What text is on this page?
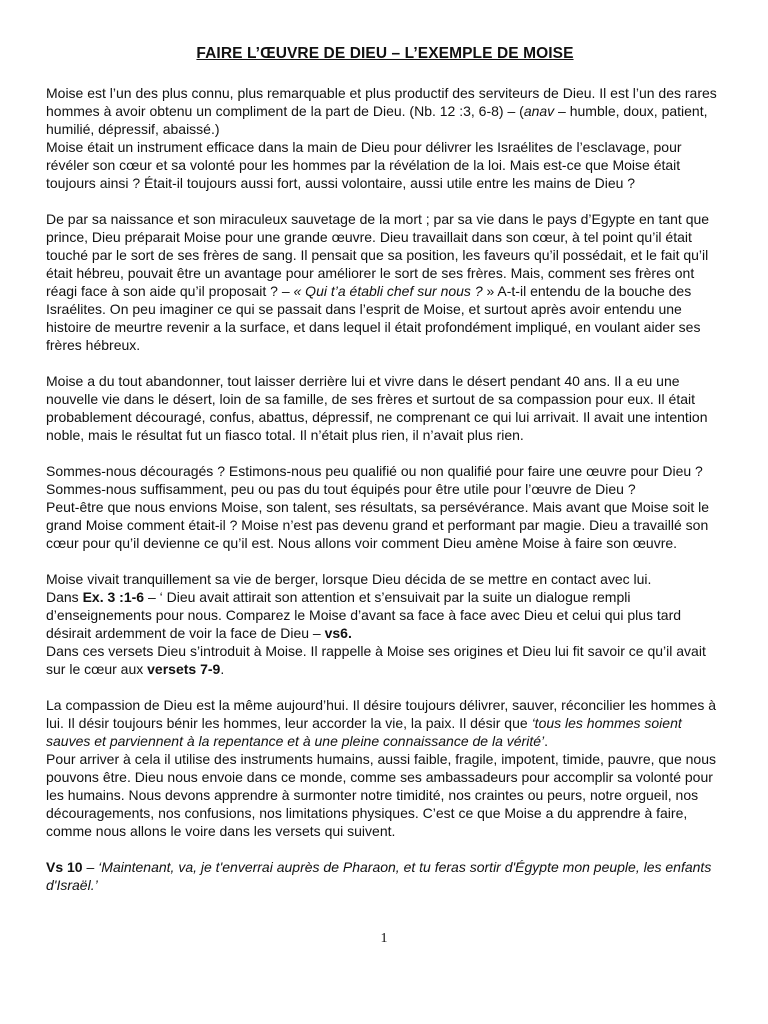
FAIRE L’ŒUVRE DE DIEU – L’EXEMPLE DE MOISE

Moise est l’un des plus connu, plus remarquable et plus productif des serviteurs de Dieu. Il est l’un des rares hommes à avoir obtenu un compliment de la part de Dieu. (Nb. 12 :3, 6-8) – (anav – humble, doux, patient, humilié, dépressif, abaissé.)

Moise était un instrument efficace dans la main de Dieu pour délivrer les Israélites de l’esclavage, pour révéler son cœur et sa volonté pour les hommes par la révélation de la loi. Mais est-ce que Moise était toujours ainsi ? Était-il toujours aussi fort, aussi volontaire, aussi utile entre les mains de Dieu ?

De par sa naissance et son miraculeux sauvetage de la mort ; par sa vie dans le pays d’Egypte en tant que prince, Dieu préparait Moise pour une grande œuvre. Dieu travaillait dans son cœur, à tel point qu’il était touché par le sort de ses frères de sang. Il pensait que sa position, les faveurs qu’il possédait, et le fait qu’il était hébreu, pouvait être un avantage pour améliorer le sort de ses frères. Mais, comment ses frères ont réagi face à son aide qu’il proposait ? – « Qui t’a établi chef sur nous ? » A-t-il entendu de la bouche des Israélites. On peu imaginer ce qui se passait dans l’esprit de Moise, et surtout après avoir entendu une histoire de meurtre revenir a la surface, et dans lequel il était profondément impliqué, en voulant aider ses frères hébreux.

Moise a du tout abandonner, tout laisser derrière lui et vivre dans le désert pendant 40 ans. Il a eu une nouvelle vie dans le désert, loin de sa famille, de ses frères et surtout de sa compassion pour eux. Il était probablement découragé, confus, abattus, dépressif, ne comprenant ce qui lui arrivait. Il avait une intention noble, mais le résultat fut un fiasco total. Il n’était plus rien, il n’avait plus rien.

Sommes-nous découragés ? Estimons-nous peu qualifié ou non qualifié pour faire une œuvre pour Dieu ? Sommes-nous suffisamment, peu ou pas du tout équipés pour être utile pour l’œuvre de Dieu ?

Peut-être que nous envions Moise, son talent, ses résultats, sa persévérance. Mais avant que Moise soit le grand Moise comment était-il ? Moise n’est pas devenu grand et performant par magie. Dieu a travaillé son cœur pour qu’il devienne ce qu’il est. Nous allons voir comment Dieu amène Moise à faire son œuvre.

Moise vivait tranquillement sa vie de berger, lorsque Dieu décida de se mettre en contact avec lui.

Dans Ex. 3 :1-6 – ‘ Dieu avait attirait son attention et s’ensuivait par la suite un dialogue rempli d’enseignements pour nous. Comparez le Moise d’avant sa face à face avec Dieu et celui qui plus tard désirait ardemment de voir la face de Dieu – vs6.

Dans ces versets Dieu s’introduit à Moise. Il rappelle à Moise ses origines et Dieu lui fit savoir ce qu’il avait sur le cœur aux versets 7-9.

La compassion de Dieu est la même aujourd’hui. Il désire toujours délivrer, sauver, réconcilier les hommes à lui. Il désir toujours bénir les hommes, leur accorder la vie, la paix. Il désir que ‘tous les hommes soient sauves et parviennent à la repentance et à une pleine connaissance de la vérité’.

Pour arriver à cela il utilise des instruments humains, aussi faible, fragile, impotent, timide, pauvre, que nous pouvons être. Dieu nous envoie dans ce monde, comme ses ambassadeurs pour accomplir sa volonté pour les humains. Nous devons apprendre à surmonter notre timidité, nos craintes ou peurs, notre orgueil, nos découragements, nos confusions, nos limitations physiques. C’est ce que Moise a du apprendre à faire, comme nous allons le voire dans les versets qui suivent.

Vs 10 – ‘Maintenant, va, je t'enverrai auprès de Pharaon, et tu feras sortir d'Égypte mon peuple, les enfants d'Israël.’

1
